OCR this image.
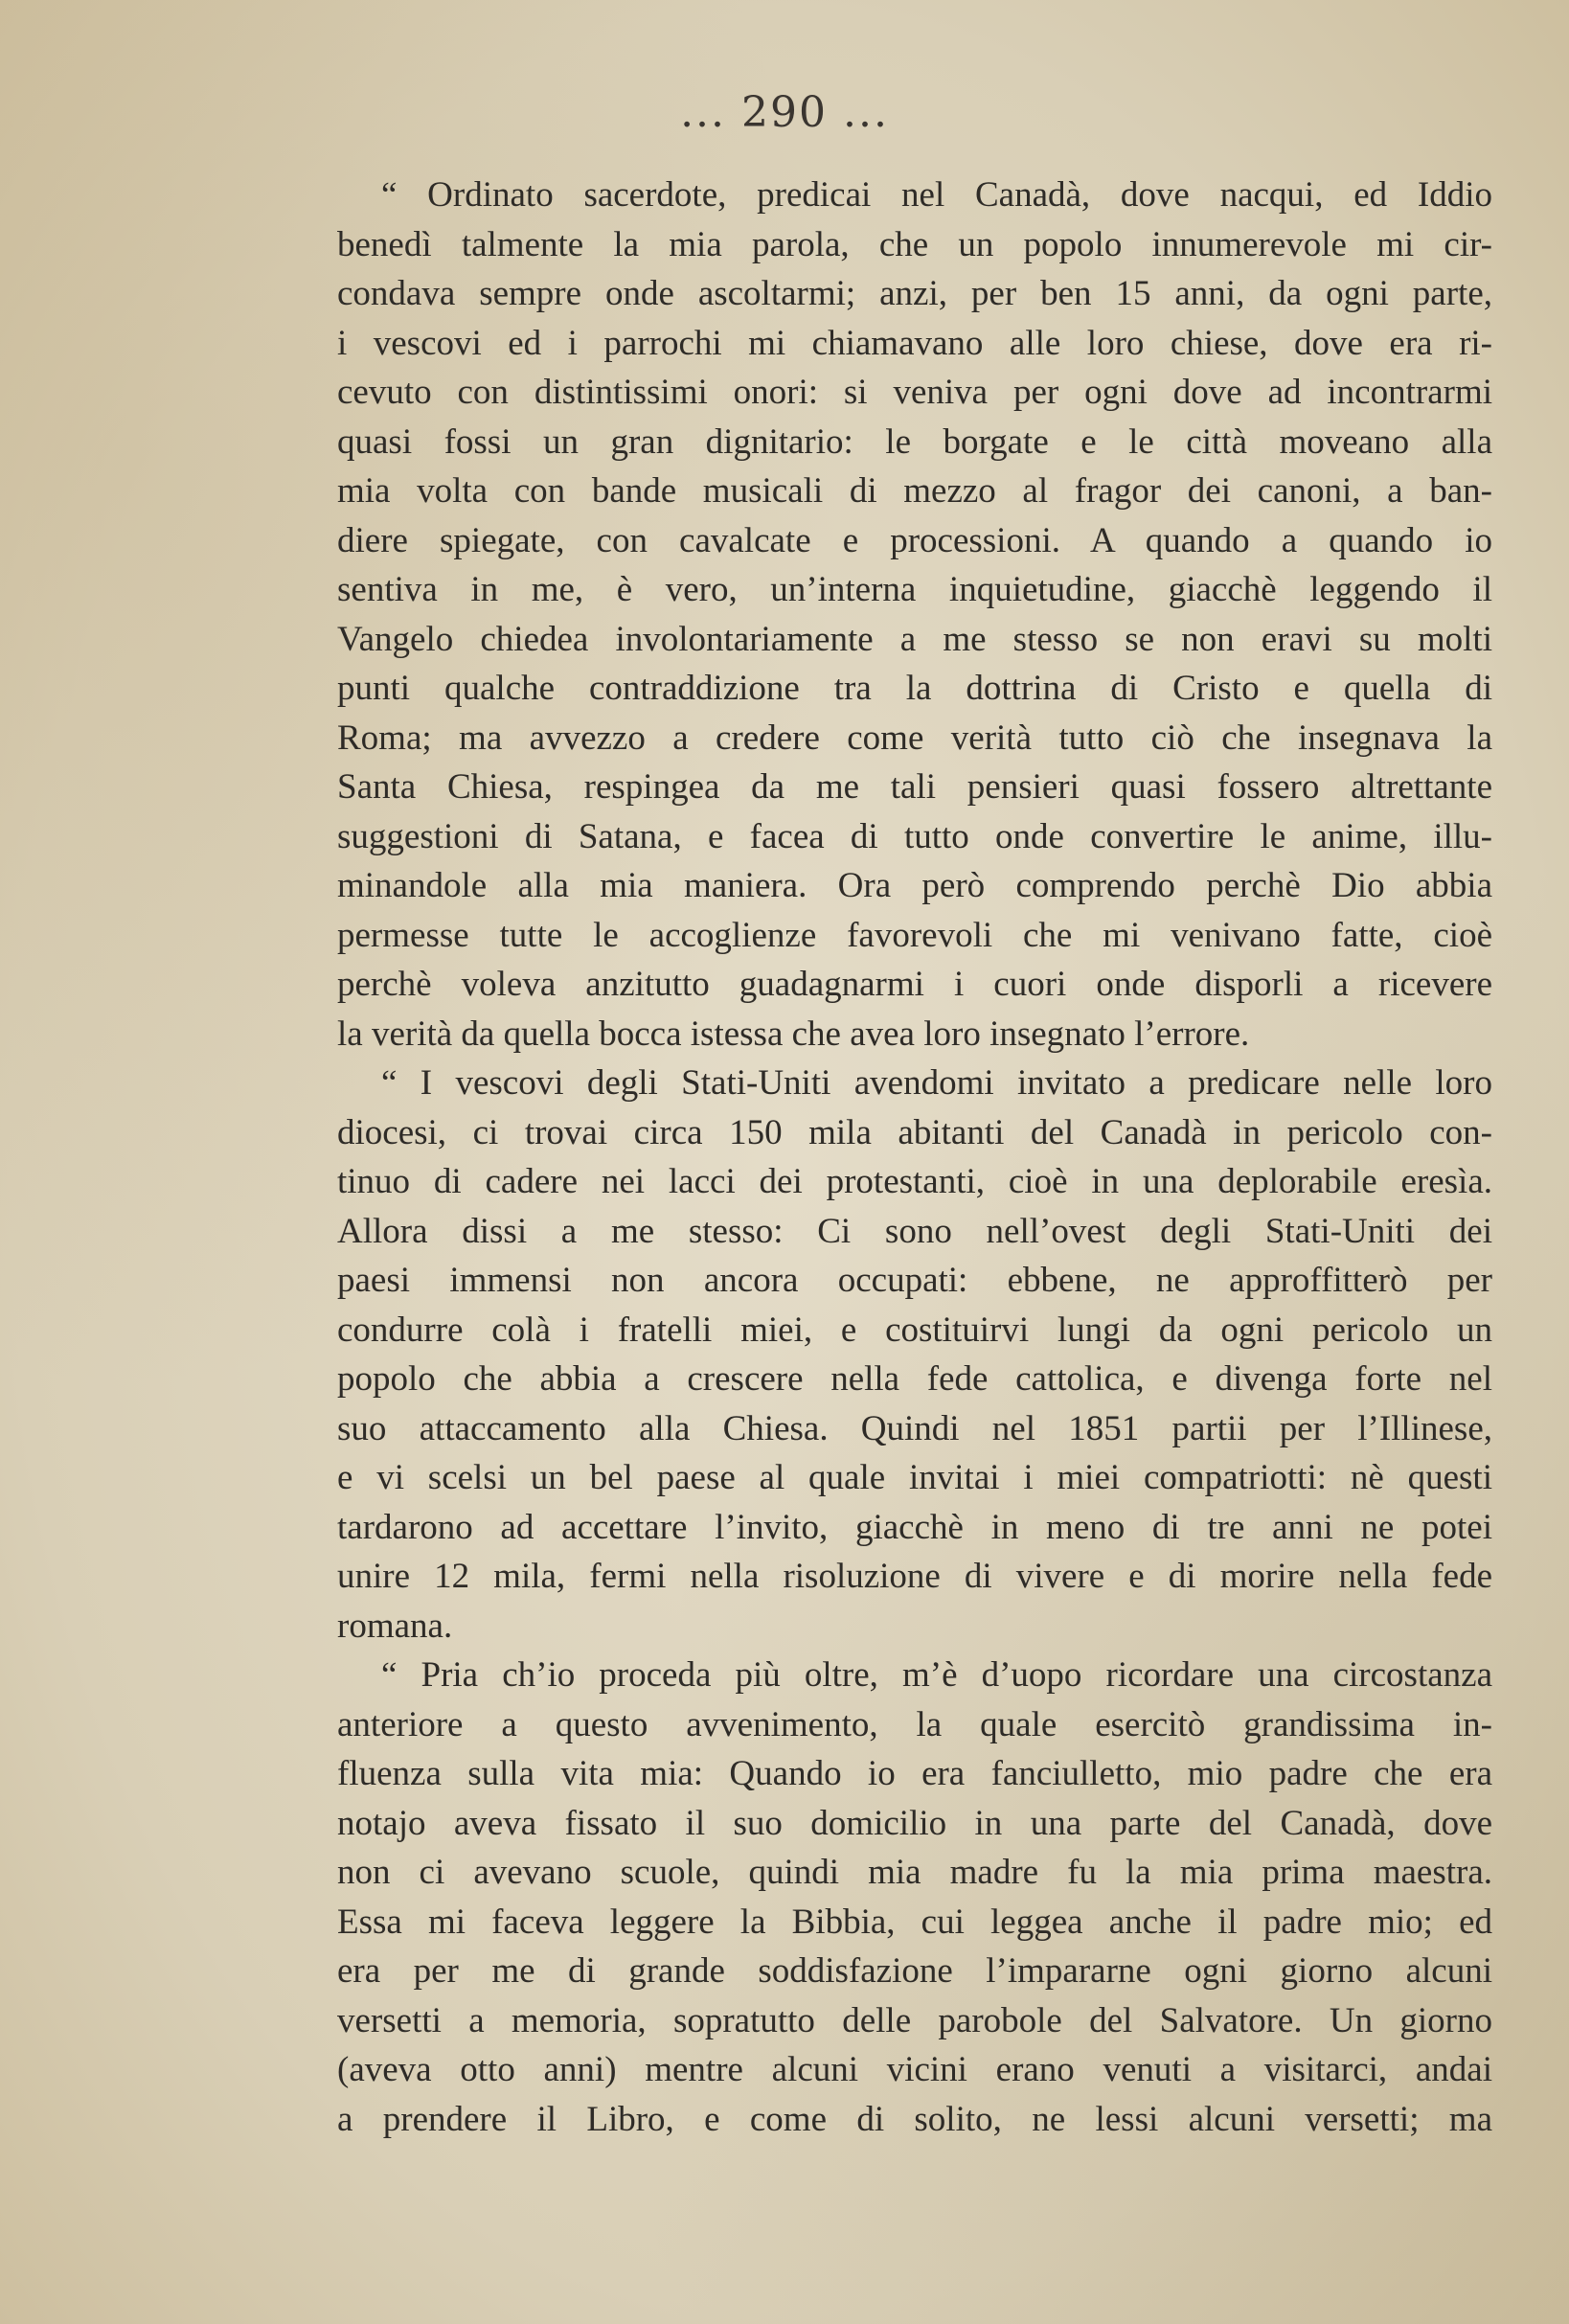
... 290 ...
“ Ordinato sacerdote, predicai nel Canadà, dove nacqui, ed Iddio
benedì talmente la mia parola, che un popolo innumerevole mi cir-
condava sempre onde ascoltarmi; anzi, per ben 15 anni, da ogni parte,
i vescovi ed i parrochi mi chiamavano alle loro chiese, dove era ri-
cevuto con distintissimi onori: si veniva per ogni dove ad incontrarmi
quasi fossi un gran dignitario: le borgate e le città moveano alla
mia volta con bande musicali di mezzo al fragor dei canoni, a ban-
diere spiegate, con cavalcate e processioni. A quando a quando io
sentiva in me, è vero, un’interna inquietudine, giacchè leggendo il
Vangelo chiedea involontariamente a me stesso se non eravi su molti
punti qualche contraddizione tra la dottrina di Cristo e quella di
Roma; ma avvezzo a credere come verità tutto ciò che insegnava la
Santa Chiesa, respingea da me tali pensieri quasi fossero altrettante
suggestioni di Satana, e facea di tutto onde convertire le anime, illu-
minandole alla mia maniera. Ora però comprendo perchè Dio abbia
permesse tutte le accoglienze favorevoli che mi venivano fatte, cioè
perchè voleva anzitutto guadagnarmi i cuori onde disporli a ricevere
la verità da quella bocca istessa che avea loro insegnato l’errore.
“ I vescovi degli Stati-Uniti avendomi invitato a predicare nelle loro
diocesi, ci trovai circa 150 mila abitanti del Canadà in pericolo con-
tinuo di cadere nei lacci dei protestanti, cioè in una deplorabile eresìa.
Allora dissi a me stesso: Ci sono nell’ovest degli Stati-Uniti dei
paesi immensi non ancora occupati: ebbene, ne approffitterò per
condurre colà i fratelli miei, e costituirvi lungi da ogni pericolo un
popolo che abbia a crescere nella fede cattolica, e divenga forte nel
suo attaccamento alla Chiesa. Quindi nel 1851 partii per l’Illinese,
e vi scelsi un bel paese al quale invitai i miei compatriotti: nè questi
tardarono ad accettare l’invito, giacchè in meno di tre anni ne potei
unire 12 mila, fermi nella risoluzione di vivere e di morire nella fede
romana.
“ Pria ch’io proceda più oltre, m’è d’uopo ricordare una circostanza
anteriore a questo avvenimento, la quale esercitò grandissima in-
fluenza sulla vita mia: Quando io era fanciulletto, mio padre che era
notajo aveva fissato il suo domicilio in una parte del Canadà, dove
non ci avevano scuole, quindi mia madre fu la mia prima maestra.
Essa mi faceva leggere la Bibbia, cui leggea anche il padre mio; ed
era per me di grande soddisfazione l’impararne ogni giorno alcuni
versetti a memoria, sopratutto delle parobole del Salvatore. Un giorno
(aveva otto anni) mentre alcuni vicini erano venuti a visitarci, andai
a prendere il Libro, e come di solito, ne lessi alcuni versetti; ma
